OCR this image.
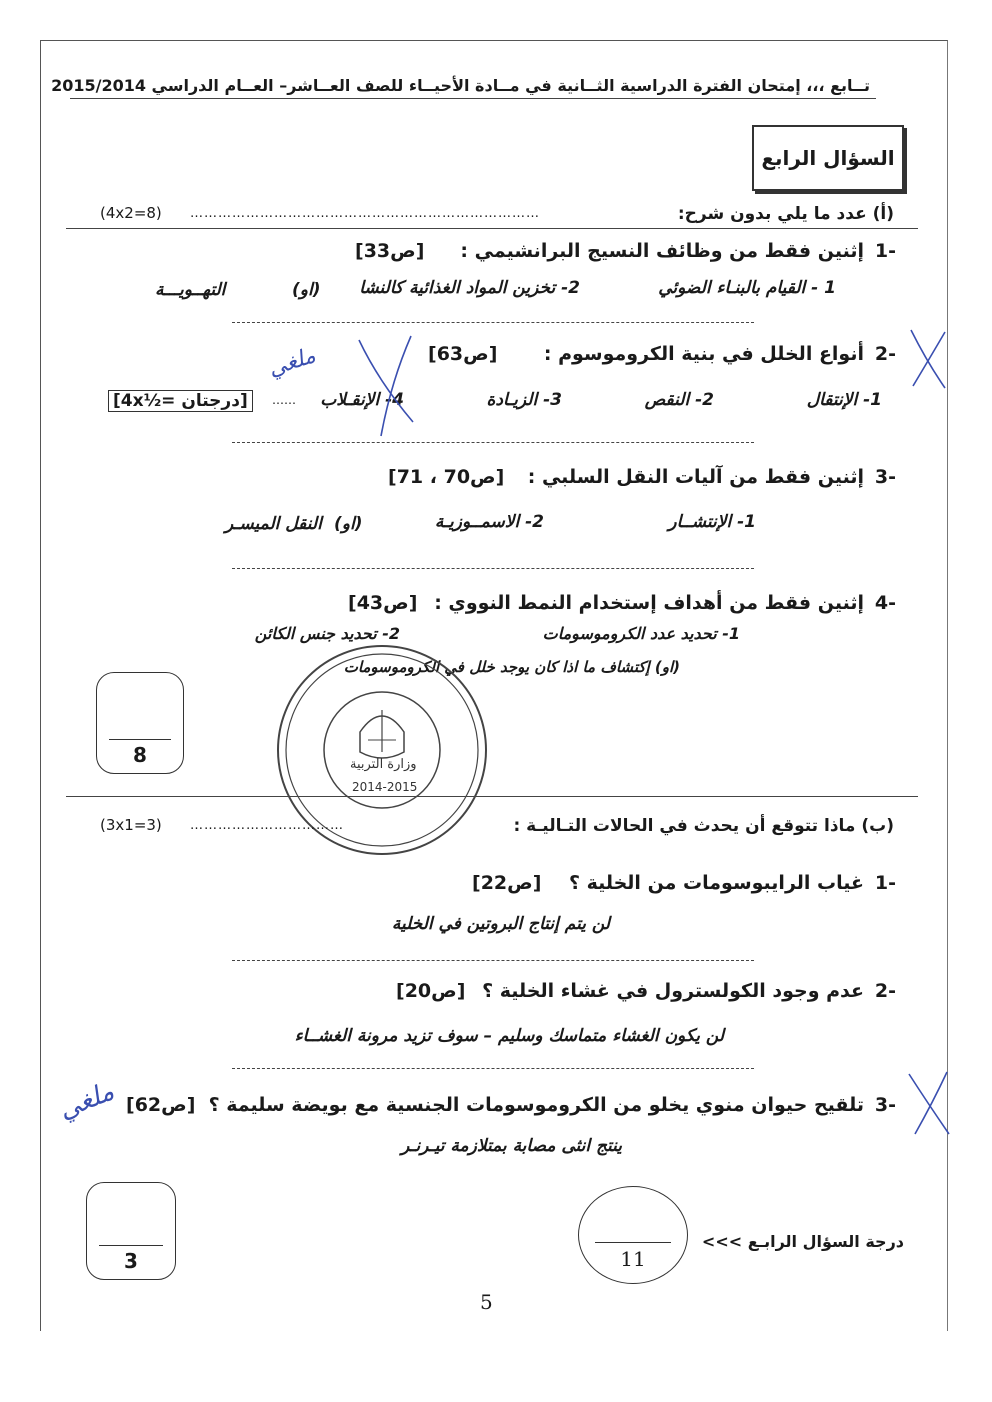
تــابع ،،، إمتحان الفترة الدراسية الثــانية في مــادة الأحيــاء للصف العــاشر– العــام الدراسي 2015/2014
السؤال الرابع
(أ) عدد ما يلي بدون شرح:
…………………………………………………………………
(4x2=8)
1-
إثنين فقط من وظائف النسيج البرانشيمي :
[ص33]
1 - القيام بالبنـاء الضوئي
2- تخزين المواد الغذائية كالنشا
(او)
التهــويـــة
2-
أنواع الخلل في بنية الكروموسوم :
[ص63]
1- الإنتقال
2- النقص
3- الزيـادة
4- الإنقـلاب
……
[4x½= درجتان]
3-
إثنين فقط من آليات النقل السلبي :
[ص70 ، 71]
1- الإنتشــار
2- الاسمــوزيـة
(او)
النقل الميسـر
4-
إثنين فقط من أهداف إستخدام النمط النووي :
[ص43]
1- تحديد عدد الكروموسومات
2- تحديد جنس الكائن
(او) إكتشاف ما اذا كان يوجد خلل في الكروموسومات
وزارة التربية
2014-2015
8
(ب) ماذا تتوقع أن يحدث في الحالات التـاليـة :
……………………………
(3x1=3)
1-
غياب الرايبوسومات من الخلية ؟
[ص22]
لن يتم إنتاج البروتين في الخلية
2-
عدم وجود الكولسترول في غشاء الخلية ؟
[ص20]
لن يكون الغشاء متماسك وسليم – سوف تزيد مرونة الغشــاء
3-
تلقيح حيوان منوي يخلو من الكروموسومات الجنسية مع بويضة سليمة ؟
[ص62]
ينتج انثى مصابة بمتلازمة تيـرنـر
3	11
درجة السؤال الرابـع >>>
5
ملغي
ملغي
